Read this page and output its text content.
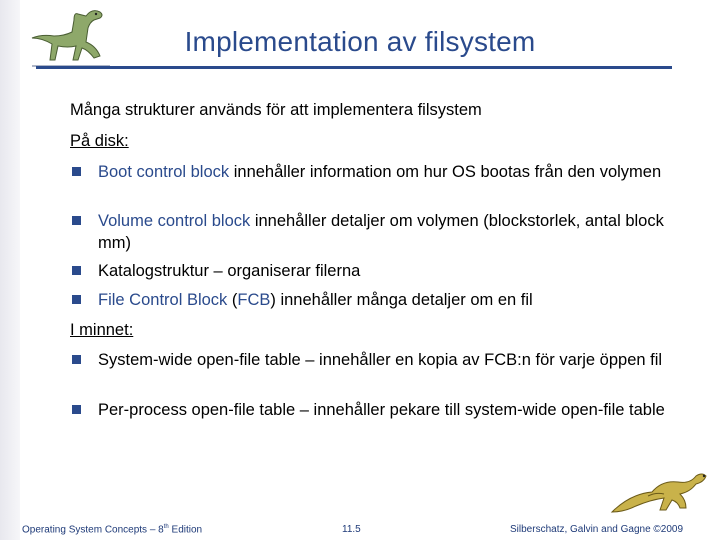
Implementation av filsystem
Många strukturer används för att implementera filsystem
På disk:
Boot control block innehåller information om hur OS bootas från den volymen
Volume control block innehåller detaljer om volymen (blockstorlek, antal block mm)
Katalogstruktur – organiserar filerna
File Control Block (FCB) innehåller många detaljer om en fil
I minnet:
System-wide open-file table – innehåller en kopia av FCB:n för varje öppen fil
Per-process open-file table – innehåller pekare till system-wide open-file table
Operating System Concepts – 8th Edition	11.5	Silberschatz, Galvin and Gagne ©2009
